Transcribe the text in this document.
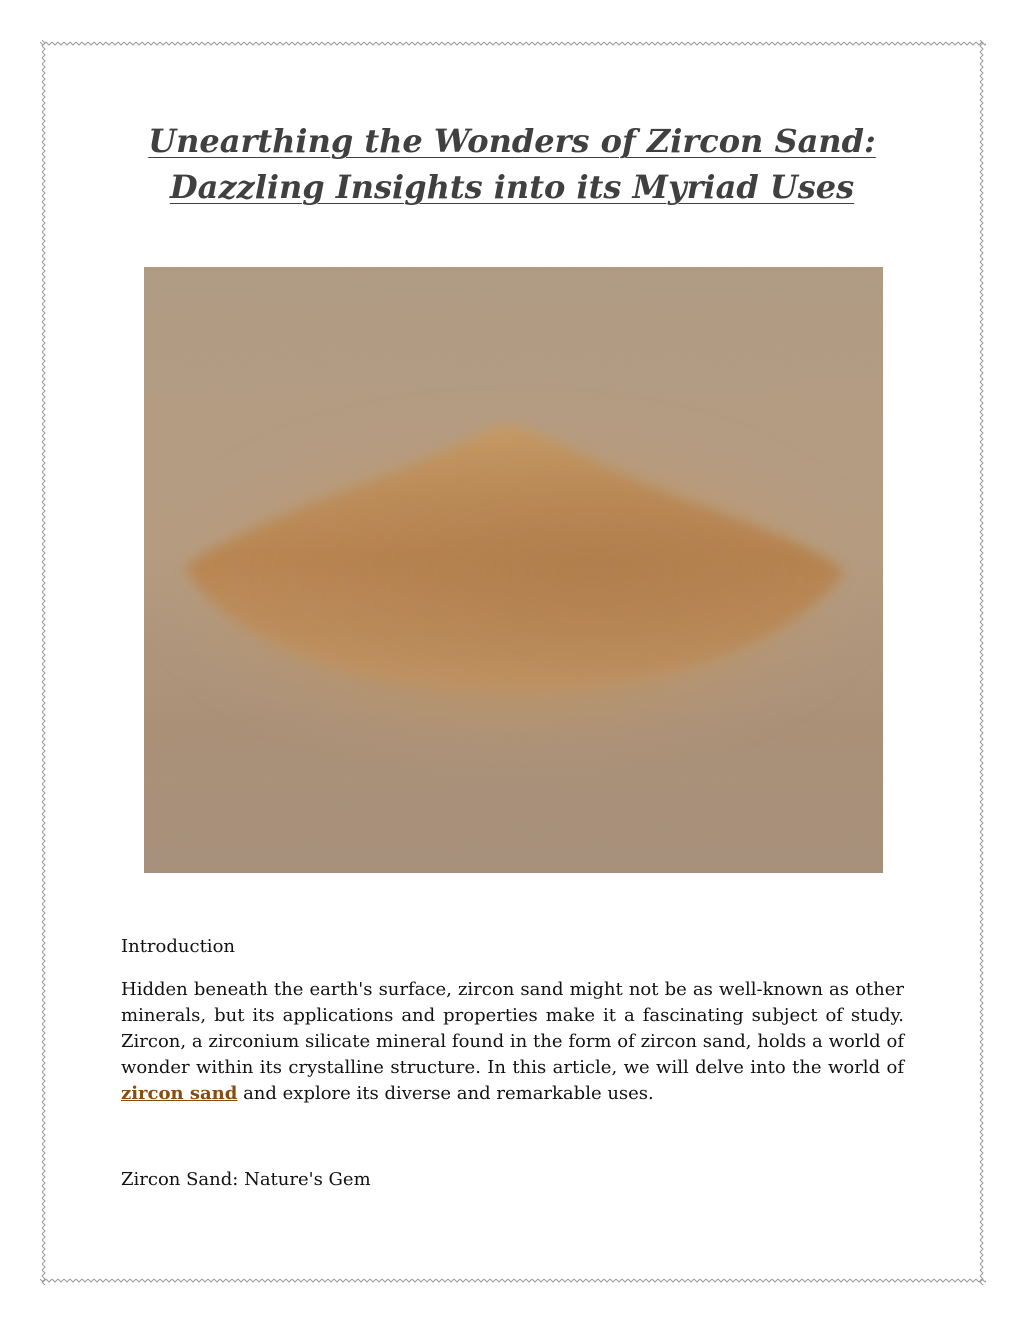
Unearthing the Wonders of Zircon Sand: Dazzling Insights into its Myriad Uses
Introduction

Hidden beneath the earth's surface, zircon sand might not be as well-known as other minerals, but its applications and properties make it a fascinating subject of study. Zircon, a zirconium silicate mineral found in the form of zircon sand, holds a world of wonder within its crystalline structure. In this article, we will delve into the world of zircon sand and explore its diverse and remarkable uses.

Zircon Sand: Nature's Gem
